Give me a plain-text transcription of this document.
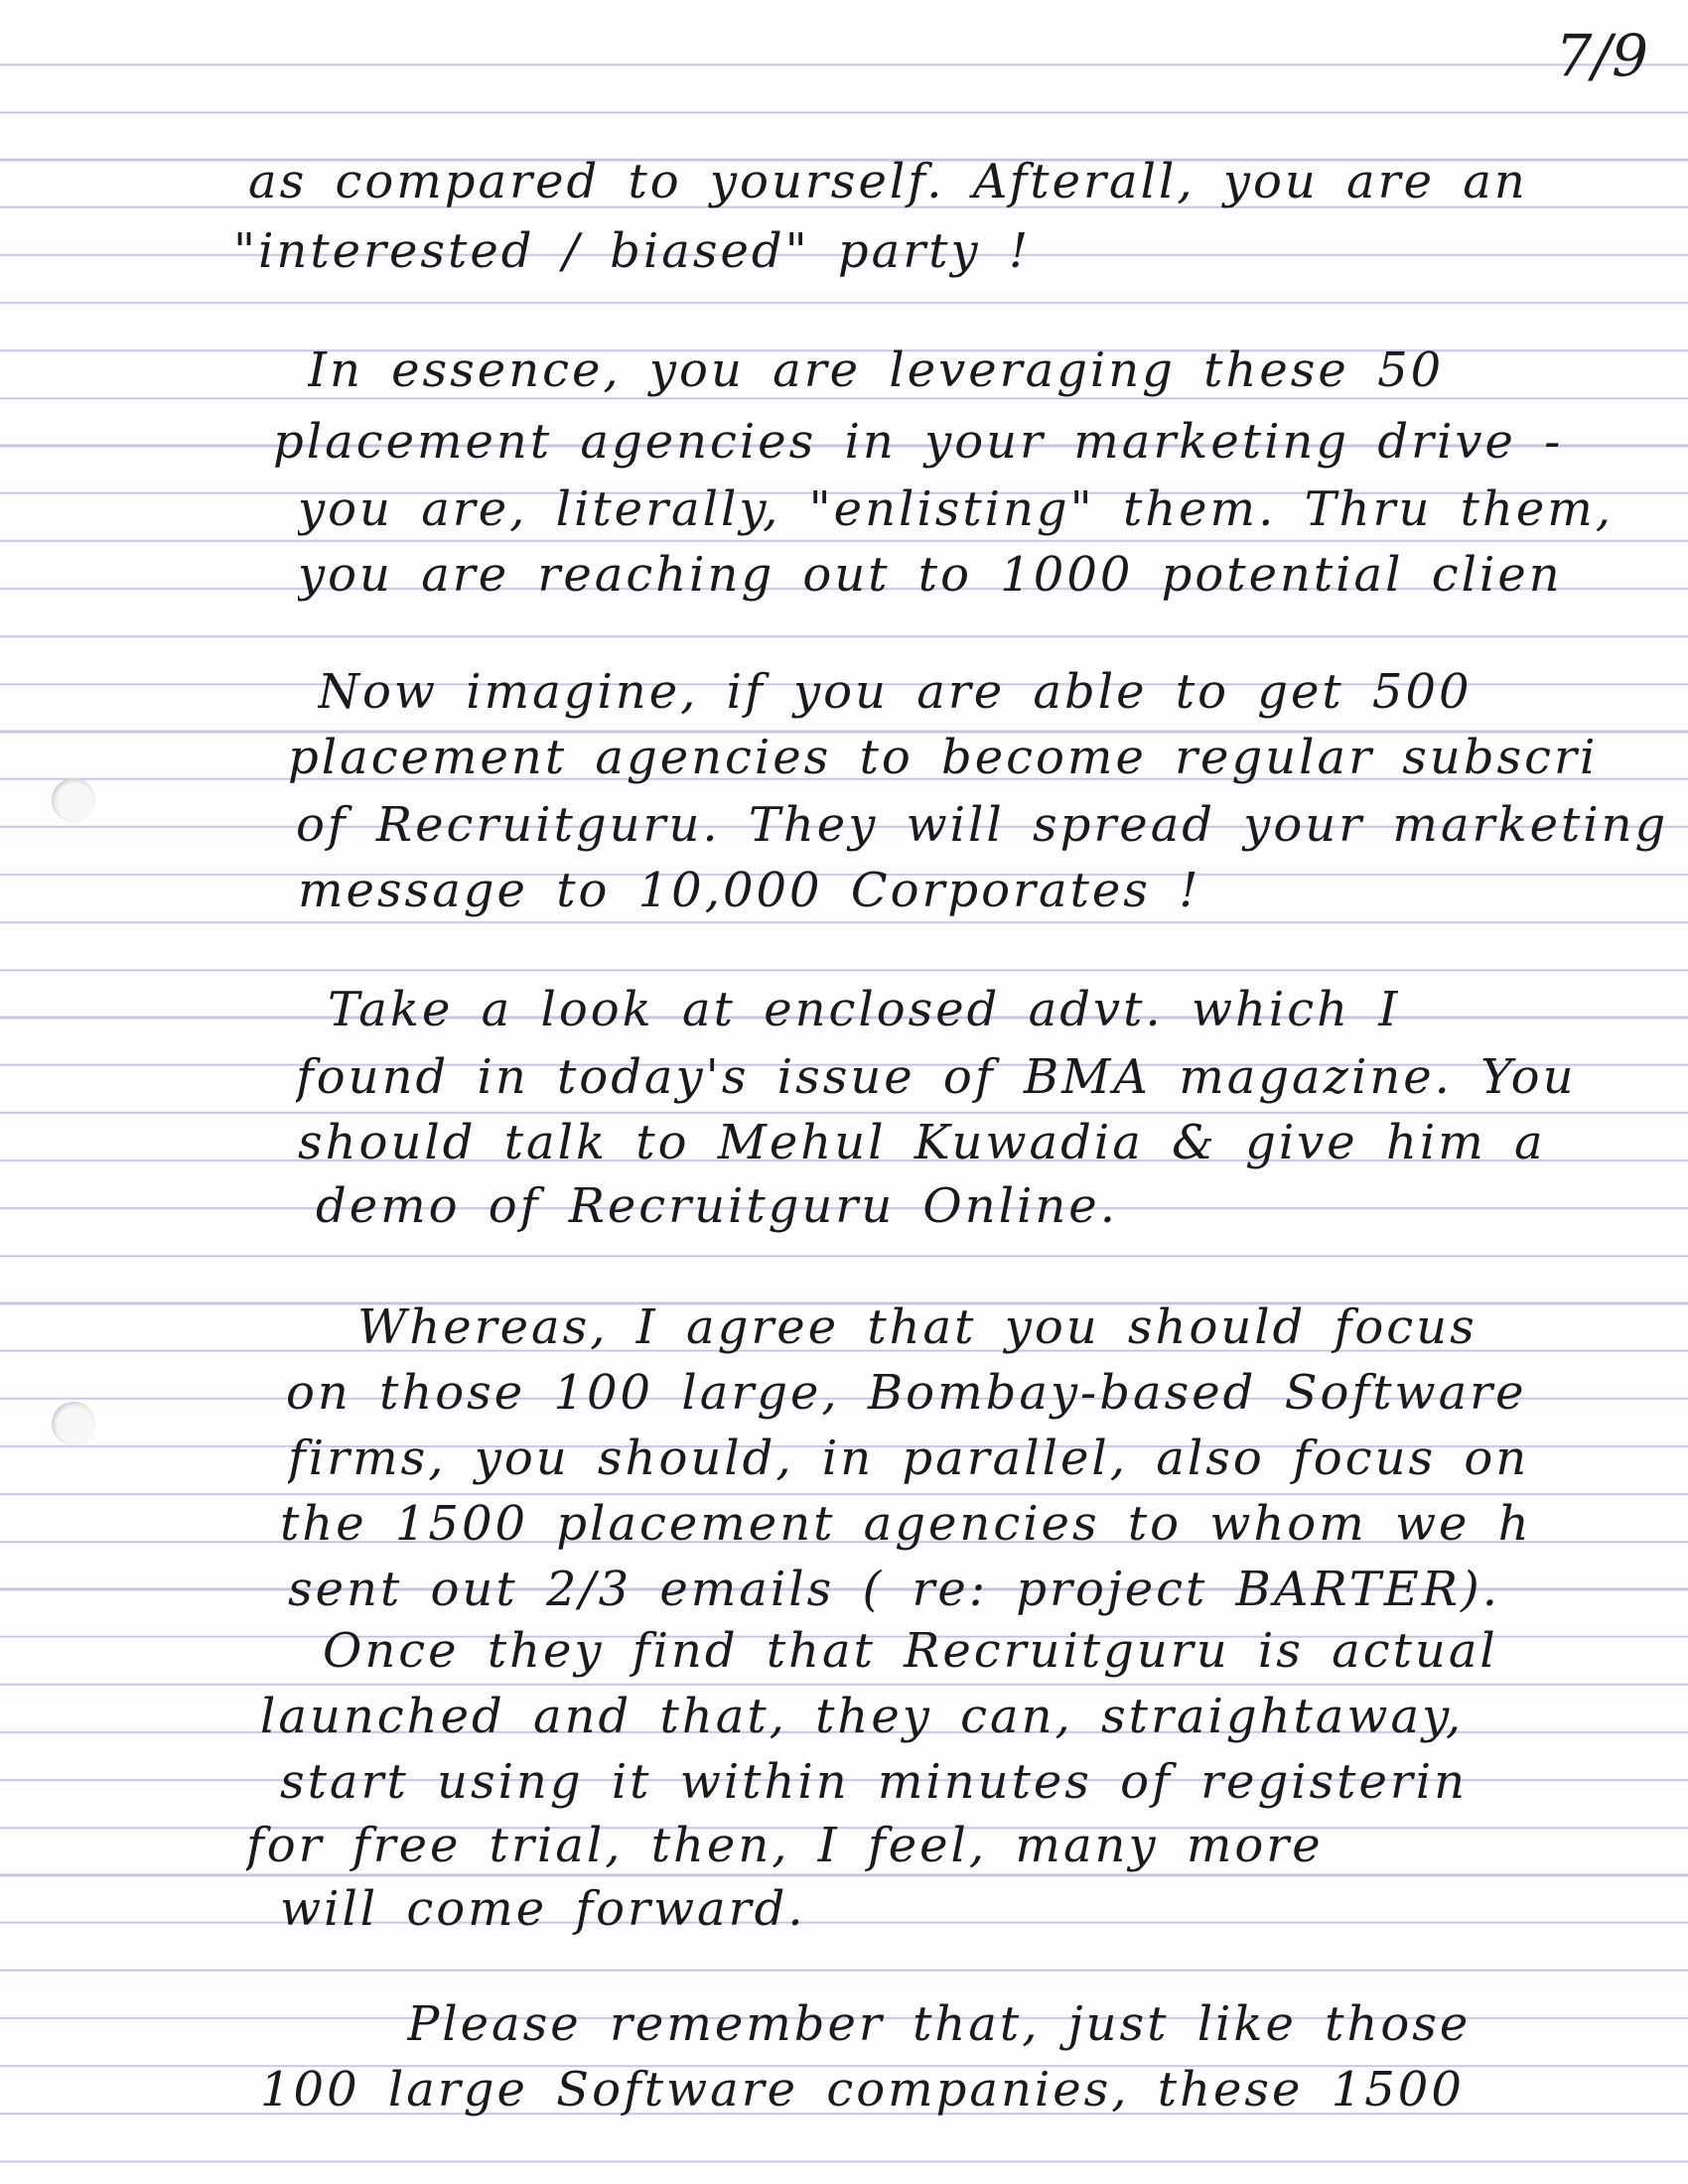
7/9

as compared to yourself. Afterall, you are an

"interested / biased" party !

In essence, you are leveraging these 50

placement agencies in your marketing drive -

you are, literally, "enlisting" them. Thru them,

you are reaching out to 1000 potential clien

Now imagine, if you are able to get 500

placement agencies to become regular subscri

of Recruitguru. They will spread your marketing

message to 10,000 Corporates !

Take a look at enclosed advt. which I

found in today's issue of BMA magazine. You

should talk to Mehul Kuwadia & give him a

demo of Recruitguru Online.

Whereas, I agree that you should focus

on those 100 large, Bombay-based Software

firms, you should, in parallel, also focus on

the 1500 placement agencies to whom we h

sent out 2/3 emails ( re: project BARTER).

Once they find that Recruitguru is actual

launched and that, they can, straightaway,

start using it within minutes of registerin

for free trial, then, I feel, many more

will come forward.

Please remember that, just like those

100 large Software companies, these 1500
